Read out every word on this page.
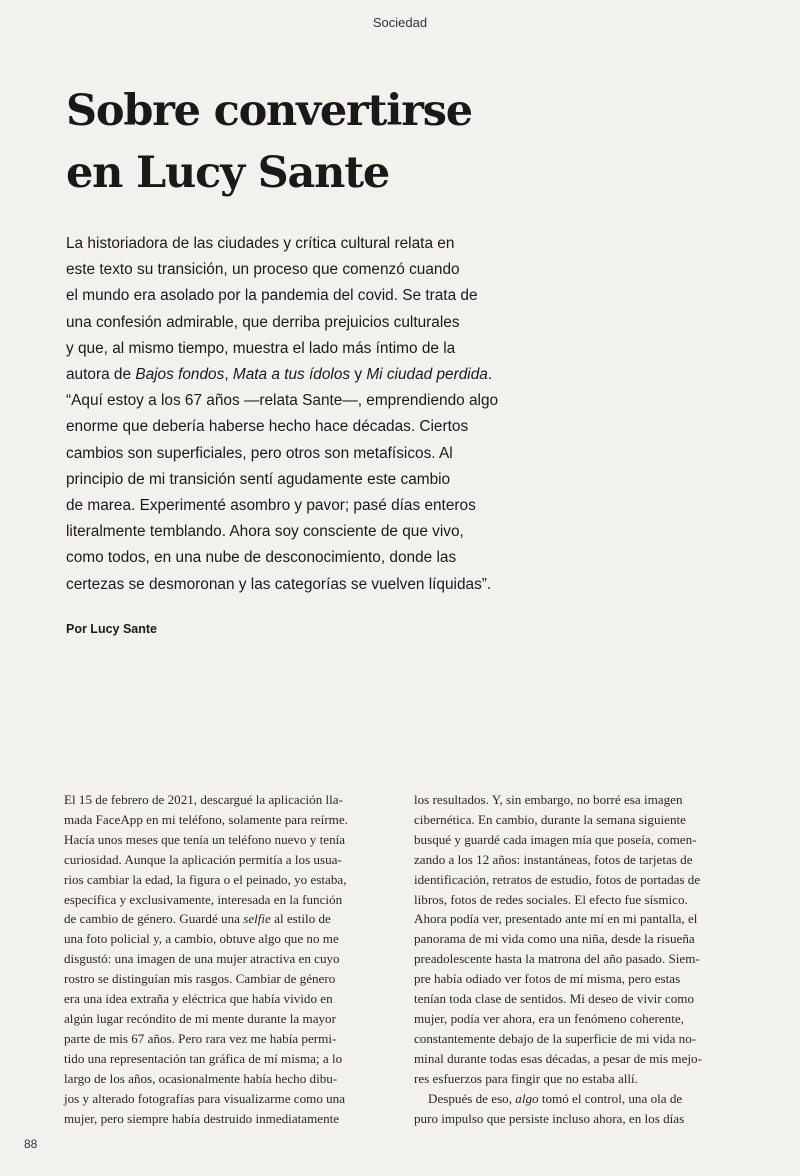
Sociedad
Sobre convertirse
en Lucy Sante
La historiadora de las ciudades y crítica cultural relata en
este texto su transición, un proceso que comenzó cuando
el mundo era asolado por la pandemia del covid. Se trata de
una confesión admirable, que derriba prejuicios culturales
y que, al mismo tiempo, muestra el lado más íntimo de la
autora de Bajos fondos, Mata a tus ídolos y Mi ciudad perdida.
“Aquí estoy a los 67 años —relata Sante—, emprendiendo algo
enorme que debería haberse hecho hace décadas. Ciertos
cambios son superficiales, pero otros son metafísicos. Al
principio de mi transición sentí agudamente este cambio
de marea. Experimenté asombro y pavor; pasé días enteros
literalmente temblando. Ahora soy consciente de que vivo,
como todos, en una nube de desconocimiento, donde las
certezas se desmoronan y las categorías se vuelven líquidas”.
Por Lucy Sante
El 15 de febrero de 2021, descargué la aplicación lla-
mada FaceApp en mi teléfono, solamente para reírme.
Hacía unos meses que tenía un teléfono nuevo y tenía
curiosidad. Aunque la aplicación permitía a los usua-
rios cambiar la edad, la figura o el peinado, yo estaba,
específica y exclusivamente, interesada en la función
de cambio de género. Guardé una selfie al estilo de
una foto policial y, a cambio, obtuve algo que no me
disgustó: una imagen de una mujer atractiva en cuyo
rostro se distinguían mis rasgos. Cambiar de género
era una idea extraña y eléctrica que había vivido en
algún lugar recóndito de mi mente durante la mayor
parte de mis 67 años. Pero rara vez me había permi-
tido una representación tan gráfica de mí misma; a lo
largo de los años, ocasionalmente había hecho dibu-
jos y alterado fotografías para visualizarme como una
mujer, pero siempre había destruido inmediatamente
los resultados. Y, sin embargo, no borré esa imagen
cibernética. En cambio, durante la semana siguiente
busqué y guardé cada imagen mía que poseía, comen-
zando a los 12 años: instantáneas, fotos de tarjetas de
identificación, retratos de estudio, fotos de portadas de
libros, fotos de redes sociales. El efecto fue sísmico.
Ahora podía ver, presentado ante mí en mi pantalla, el
panorama de mi vida como una niña, desde la risueña
preadolescente hasta la matrona del año pasado. Siem-
pre había odiado ver fotos de mí misma, pero estas
tenían toda clase de sentidos. Mi deseo de vivir como
mujer, podía ver ahora, era un fenómeno coherente,
constantemente debajo de la superficie de mi vida no-
minal durante todas esas décadas, a pesar de mis mejo-
res esfuerzos para fingir que no estaba allí.
Después de eso, algo tomó el control, una ola de
puro impulso que persiste incluso ahora, en los días
88
